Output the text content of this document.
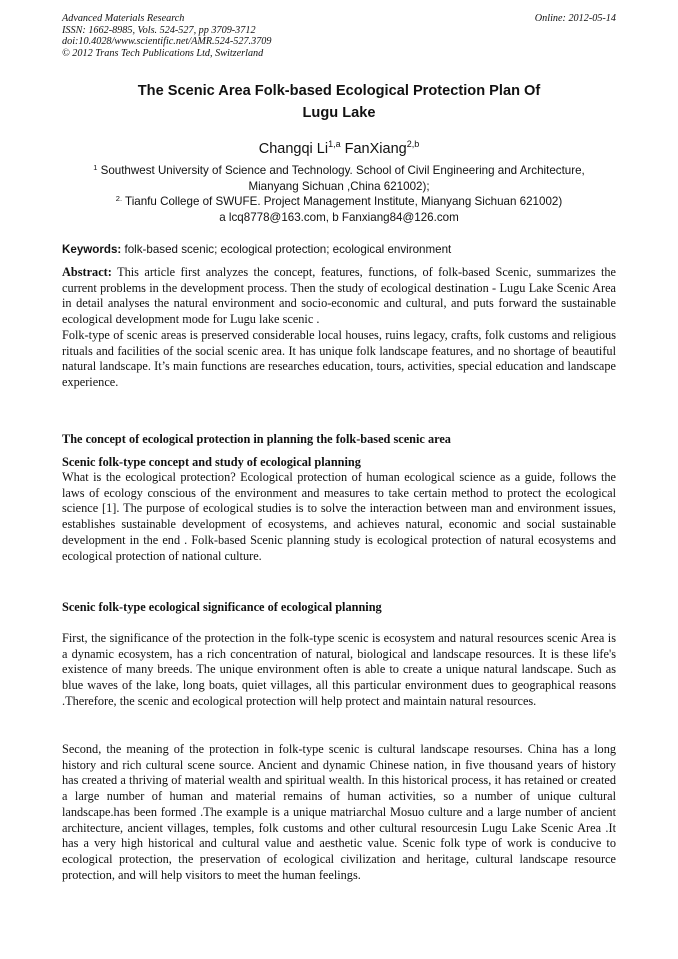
Advanced Materials Research
ISSN: 1662-8985, Vols. 524-527, pp 3709-3712
doi:10.4028/www.scientific.net/AMR.524-527.3709
© 2012 Trans Tech Publications Ltd, Switzerland
Online: 2012-05-14
The Scenic Area Folk-based Ecological Protection Plan Of
Lugu Lake
Changqi Li$^{1,a}$ FanXiang$^{2,b}$
$^1$ Southwest University of Science and Technology. School of Civil Engineering and Architecture,
Mianyang Sichuan ,China 621002);
$^{2.}$ Tianfu College of SWUFE. Project Management Institute, Mianyang Sichuan 621002)
a lcq8778@163.com, b Fanxiang84@126.com
Keywords: folk-based scenic; ecological protection; ecological environment

Abstract: This article first analyzes the concept, features, functions, of folk-based Scenic, summarizes the current problems in the development process. Then the study of ecological destination - Lugu Lake Scenic Area in detail analyses the natural environment and socio-economic and cultural, and puts forward the sustainable ecological development mode for Lugu lake scenic .

Folk-type of scenic areas is preserved considerable local houses, ruins legacy, crafts, folk customs and religious rituals and facilities of the social scenic area. It has unique folk landscape features, and no shortage of beautiful natural landscape. It’s main functions are researches education, tours, activities, special education and landscape experience.

The concept of ecological protection in planning the folk-based scenic area
Scenic folk-type concept and study of ecological planning

What is the ecological protection? Ecological protection of human ecological science as a guide, follows the laws of ecology conscious of the environment and measures to take certain method to protect the ecological science [1]. The purpose of ecological studies is to solve the interaction between man and environment issues, establishes sustainable development of ecosystems, and achieves natural, economic and social sustainable development in the end . Folk-based Scenic planning study is ecological protection of natural ecosystems and ecological protection of national culture.

Scenic folk-type ecological significance of ecological planning

First, the significance of the protection in the folk-type scenic is ecosystem and natural resources scenic Area is a dynamic ecosystem, has a rich concentration of natural, biological and landscape resources. It is these life's existence of many breeds. The unique environment often is able to create a unique natural landscape. Such as blue waves of the lake, long boats, quiet villages, all this particular environment dues to geographical reasons .Therefore, the scenic and ecological protection will help protect and maintain natural resources.

Second, the meaning of the protection in folk-type scenic is cultural landscape resourses. China has a long history and rich cultural scene source. Ancient and dynamic Chinese nation, in five thousand years of history has created a thriving of material wealth and spiritual wealth. In this historical process, it has retained or created a large number of human and material remains of human activities, so a number of unique cultural landscape.has been formed .The example is a unique matriarchal Mosuo culture and a large number of ancient architecture, ancient villages, temples, folk customs and other cultural resourcesin Lugu Lake Scenic Area .It has a very high historical and cultural value and aesthetic value. Scenic folk type of work is conducive to ecological protection, the preservation of ecological civilization and heritage, cultural landscape resource protection, and will help visitors to meet the human feelings.
